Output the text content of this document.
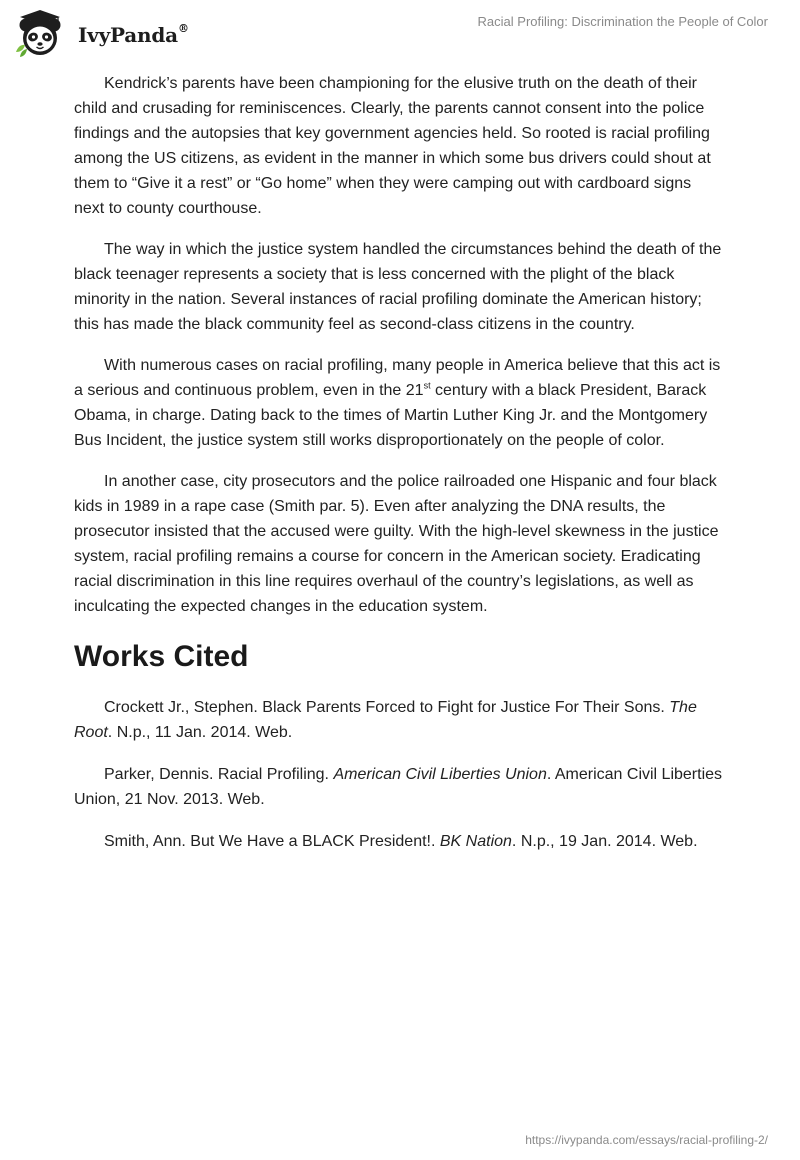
IvyPanda®	Racial Profiling: Discrimination the People of Color

Kendrick’s parents have been championing for the elusive truth on the death of their child and crusading for reminiscences. Clearly, the parents cannot consent into the police findings and the autopsies that key government agencies held. So rooted is racial profiling among the US citizens, as evident in the manner in which some bus drivers could shout at them to “Give it a rest” or “Go home” when they were camping out with cardboard signs next to county courthouse.

The way in which the justice system handled the circumstances behind the death of the black teenager represents a society that is less concerned with the plight of the black minority in the nation. Several instances of racial profiling dominate the American history; this has made the black community feel as second-class citizens in the country.

With numerous cases on racial profiling, many people in America believe that this act is a serious and continuous problem, even in the 21st century with a black President, Barack Obama, in charge. Dating back to the times of Martin Luther King Jr. and the Montgomery Bus Incident, the justice system still works disproportionately on the people of color.

In another case, city prosecutors and the police railroaded one Hispanic and four black kids in 1989 in a rape case (Smith par. 5). Even after analyzing the DNA results, the prosecutor insisted that the accused were guilty. With the high-level skewness in the justice system, racial profiling remains a course for concern in the American society. Eradicating racial discrimination in this line requires overhaul of the country’s legislations, as well as inculcating the expected changes in the education system.

Works Cited

Crockett Jr., Stephen. Black Parents Forced to Fight for Justice For Their Sons. The Root. N.p., 11 Jan. 2014. Web.

Parker, Dennis. Racial Profiling. American Civil Liberties Union. American Civil Liberties Union, 21 Nov. 2013. Web.

Smith, Ann. But We Have a BLACK President!. BK Nation. N.p., 19 Jan. 2014. Web.

https://ivypanda.com/essays/racial-profiling-2/
